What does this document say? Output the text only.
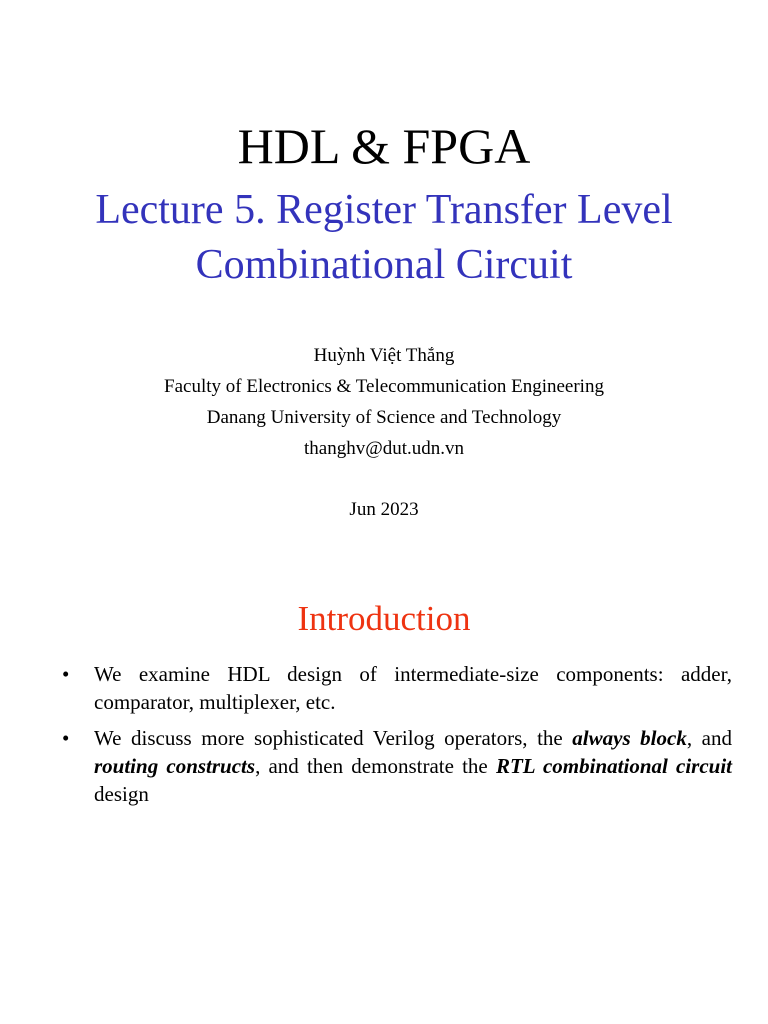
HDL & FPGA
Lecture 5. Register Transfer Level
Combinational Circuit
Huỳnh Việt Thắng
Faculty of Electronics & Telecommunication Engineering
Danang University of Science and Technology
thanghv@dut.udn.vn
Jun 2023
Introduction
• We examine HDL design of intermediate-size components: adder, comparator, multiplexer, etc.
• We discuss more sophisticated Verilog operators, the always block, and routing constructs, and then demonstrate the RTL combinational circuit design
